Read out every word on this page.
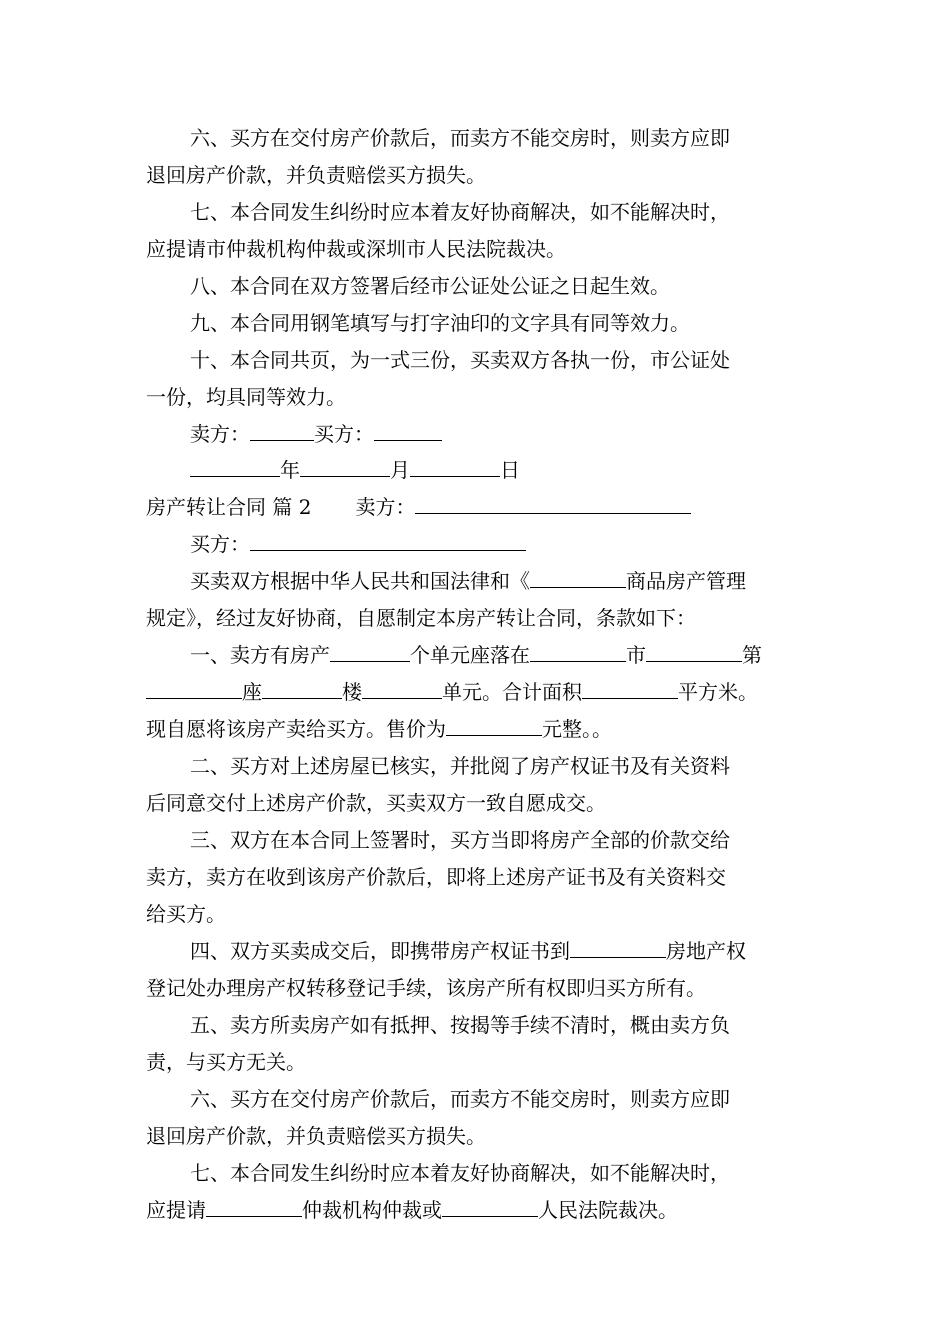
六、买方在交付房产价款后，而卖方不能交房时，则卖方应即
退回房产价款，并负责赔偿买方损失。
七、本合同发生纠纷时应本着友好协商解决，如不能解决时，
应提请市仲裁机构仲裁或深圳市人民法院裁决。
八、本合同在双方签署后经市公证处公证之日起生效。
九、本合同用钢笔填写与打字油印的文字具有同等效力。
十、本合同共页，为一式三份，买卖双方各执一份，市公证处
一份，均具同等效力。
卖方：	买方：
年	月	日
房产转让合同 篇 2 卖方：
买方：
买卖双方根据中华人民共和国法律和《	商品房产管理
规定》，经过友好协商，自愿制定本房产转让合同，条款如下：
一、卖方有房产	个单元座落在	市	第
座	楼	单元。合计面积	平方米。
现自愿将该房产卖给买方。售价为	元整。。
二、买方对上述房屋已核实，并批阅了房产权证书及有关资料
后同意交付上述房产价款，买卖双方一致自愿成交。
三、双方在本合同上签署时，买方当即将房产全部的价款交给
卖方，卖方在收到该房产价款后，即将上述房产证书及有关资料交
给买方。
四、双方买卖成交后，即携带房产权证书到	房地产权
登记处办理房产权转移登记手续，该房产所有权即归买方所有。
五、卖方所卖房产如有抵押、按揭等手续不清时，概由卖方负
责，与买方无关。
六、买方在交付房产价款后，而卖方不能交房时，则卖方应即
退回房产价款，并负责赔偿买方损失。
七、本合同发生纠纷时应本着友好协商解决，如不能解决时，
应提请	仲裁机构仲裁或	人民法院裁决。
